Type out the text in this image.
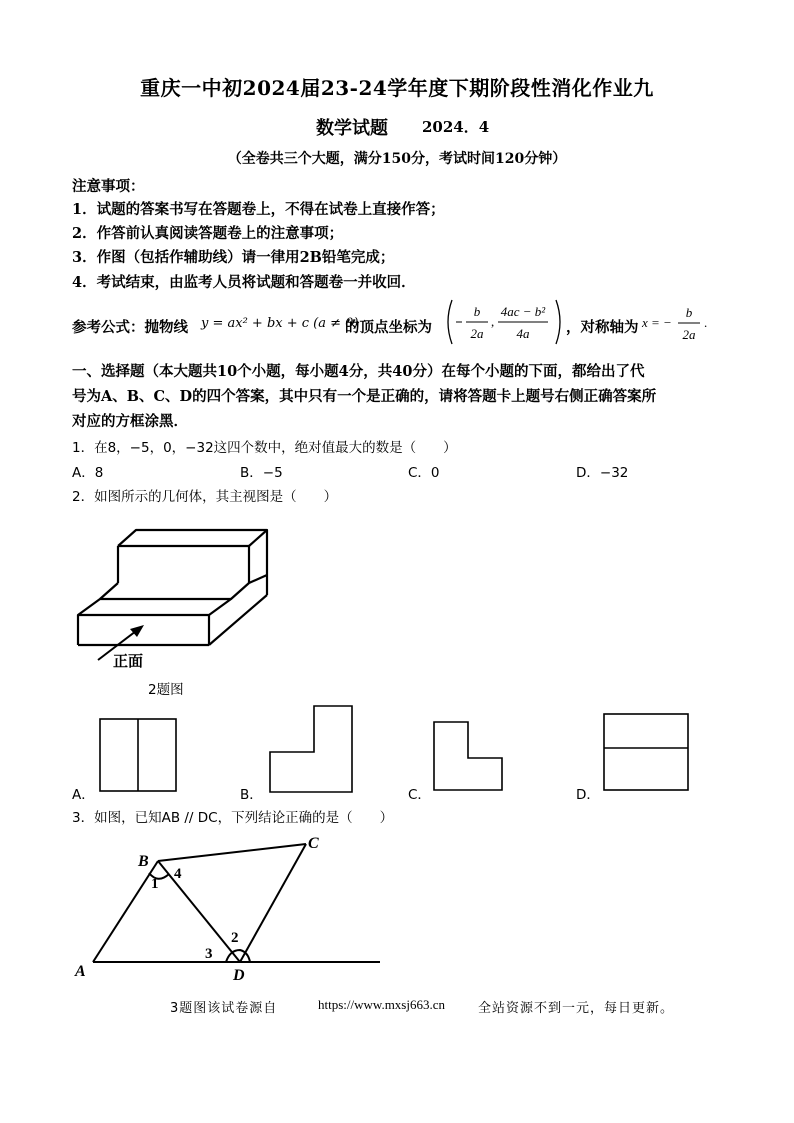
重庆一中初2024届23-24学年度下期阶段性消化作业九
数学试题 2024．4
（全卷共三个大题，满分150分，考试时间120分钟）
注意事项：
1．试题的答案书写在答题卷上，不得在试卷上直接作答；
2．作答前认真阅读答题卷上的注意事项；
3．作图（包括作辅助线）请一律用2B铅笔完成；
4．考试结束，由监考人员将试题和答题卷一并收回．
参考公式：抛物线 y = ax² + bx + c (a ≠ 0)
的顶点坐标为
b
2a
,
4ac − b²
4a	，对称轴为 x = −
b
2a
.
一、选择题（本大题共10个小题，每小题4分，共40分）在每个小题的下面，都给出了代
号为A、B、C、D的四个答案，其中只有一个是正确的，请将答题卡上题号右侧正确答案所
对应的方框涂黑．
1．在8，−5，0，−32这四个数中，绝对值最大的数是（　　）
A．8	B．−5	C．0	D．−32
2．如图所示的几何体，其主视图是（　　）
正面
2题图
A．	B．	C．	D．
3．如图，已知AB // DC，下列结论正确的是（　　）
B
C
A	D
1
2
3
4
3题图该试卷源自	https://www.mxsj663.cn	全站资源不到一元，每日更新。
